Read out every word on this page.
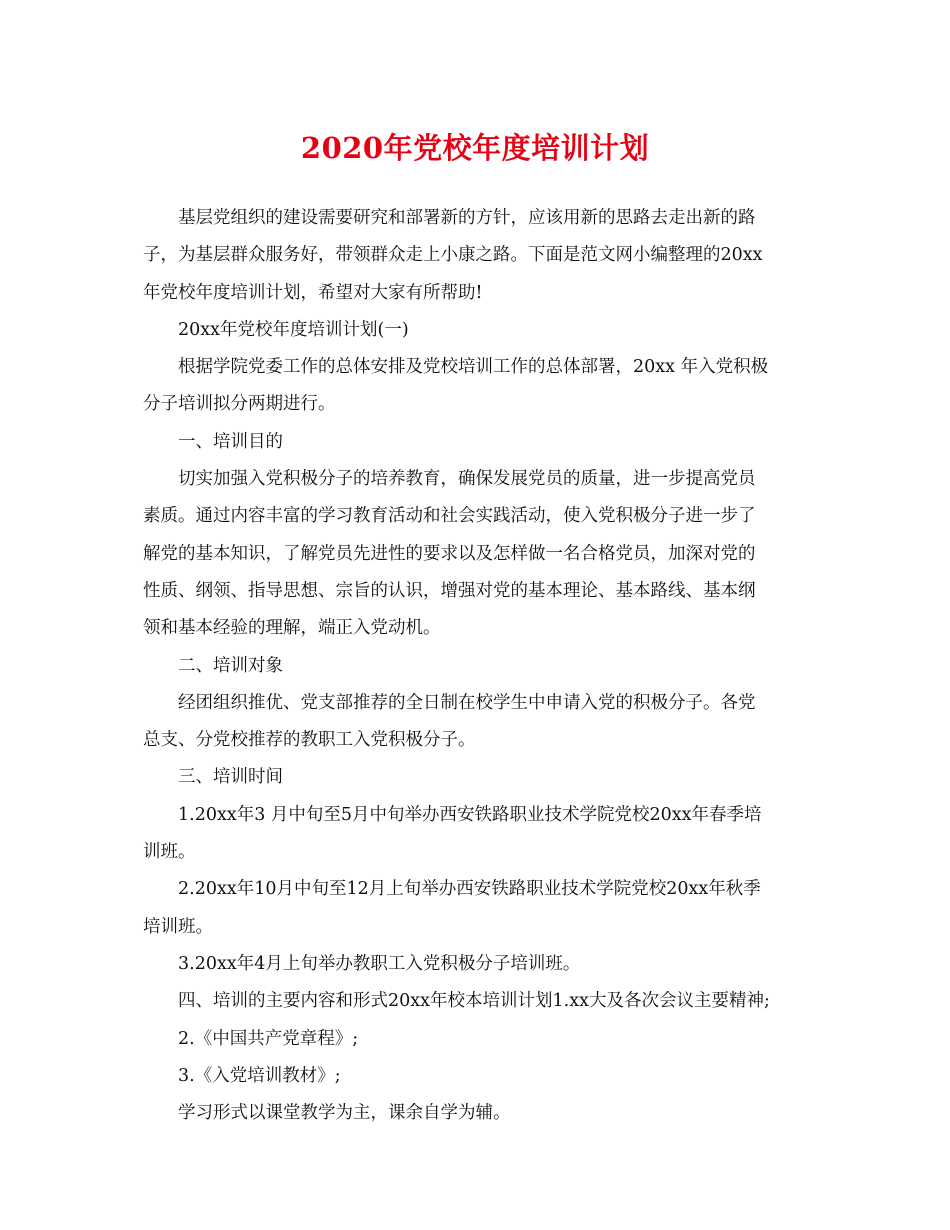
2020年党校年度培训计划

基层党组织的建设需要研究和部署新的方针，应该用新的思路去走出新的路
子，为基层群众服务好，带领群众走上小康之路。下面是范文网小编整理的20xx
年党校年度培训计划，希望对大家有所帮助!

20xx年党校年度培训计划(一)

根据学院党委工作的总体安排及党校培训工作的总体部署，20xx 年入党积极
分子培训拟分两期进行。

一、培训目的

切实加强入党积极分子的培养教育，确保发展党员的质量，进一步提高党员
素质。通过内容丰富的学习教育活动和社会实践活动，使入党积极分子进一步了
解党的基本知识，了解党员先进性的要求以及怎样做一名合格党员，加深对党的
性质、纲领、指导思想、宗旨的认识，增强对党的基本理论、基本路线、基本纲
领和基本经验的理解，端正入党动机。

二、培训对象

经团组织推优、党支部推荐的全日制在校学生中申请入党的积极分子。各党
总支、分党校推荐的教职工入党积极分子。

三、培训时间

1.20xx年3 月中旬至5月中旬举办西安铁路职业技术学院党校20xx年春季培
训班。

2.20xx年10月中旬至12月上旬举办西安铁路职业技术学院党校20xx年秋季
培训班。

3.20xx年4月上旬举办教职工入党积极分子培训班。

四、培训的主要内容和形式20xx年校本培训计划1.xx大及各次会议主要精神;

2.《中国共产党章程》;

3.《入党培训教材》;

学习形式以课堂教学为主，课余自学为辅。
